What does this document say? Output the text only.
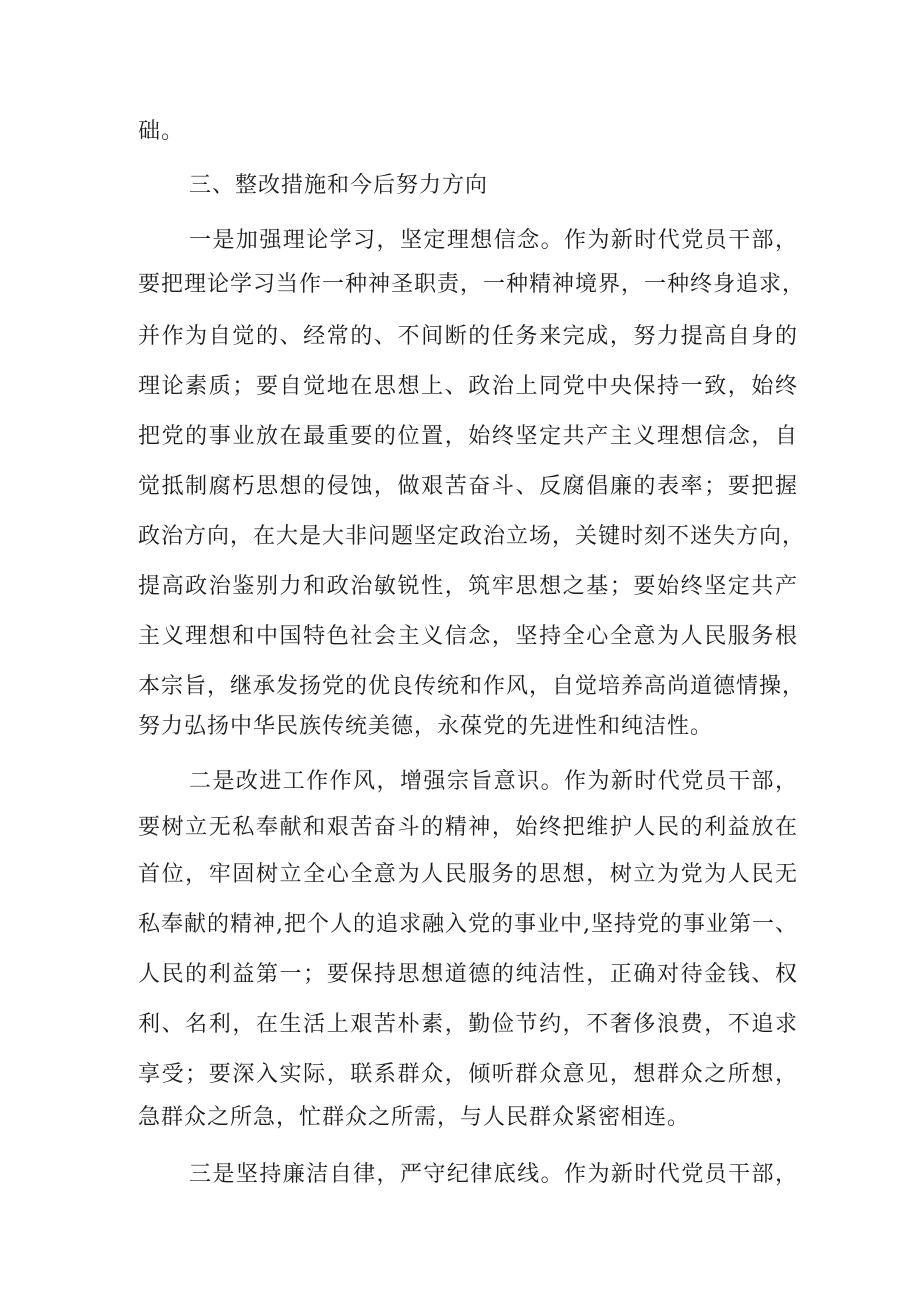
础。

三、整改措施和今后努力方向

一是加强理论学习，坚定理想信念。作为新时代党员干部，

要把理论学习当作一种神圣职责，一种精神境界，一种终身追求，

并作为自觉的、经常的、不间断的任务来完成，努力提高自身的

理论素质；要自觉地在思想上、政治上同党中央保持一致，始终

把党的事业放在最重要的位置，始终坚定共产主义理想信念，自

觉抵制腐朽思想的侵蚀，做艰苦奋斗、反腐倡廉的表率；要把握

政治方向，在大是大非问题坚定政治立场，关键时刻不迷失方向，

提高政治鉴别力和政治敏锐性，筑牢思想之基；要始终坚定共产

主义理想和中国特色社会主义信念，坚持全心全意为人民服务根

本宗旨，继承发扬党的优良传统和作风，自觉培养高尚道德情操，

努力弘扬中华民族传统美德，永葆党的先进性和纯洁性。

二是改进工作作风，增强宗旨意识。作为新时代党员干部，

要树立无私奉献和艰苦奋斗的精神，始终把维护人民的利益放在

首位，牢固树立全心全意为人民服务的思想，树立为党为人民无

私奉献的精神,把个人的追求融入党的事业中,坚持党的事业第一、

人民的利益第一；要保持思想道德的纯洁性，正确对待金钱、权

利、名利，在生活上艰苦朴素，勤俭节约，不奢侈浪费，不追求

享受；要深入实际，联系群众，倾听群众意见，想群众之所想，

急群众之所急，忙群众之所需，与人民群众紧密相连。

三是坚持廉洁自律，严守纪律底线。作为新时代党员干部，
